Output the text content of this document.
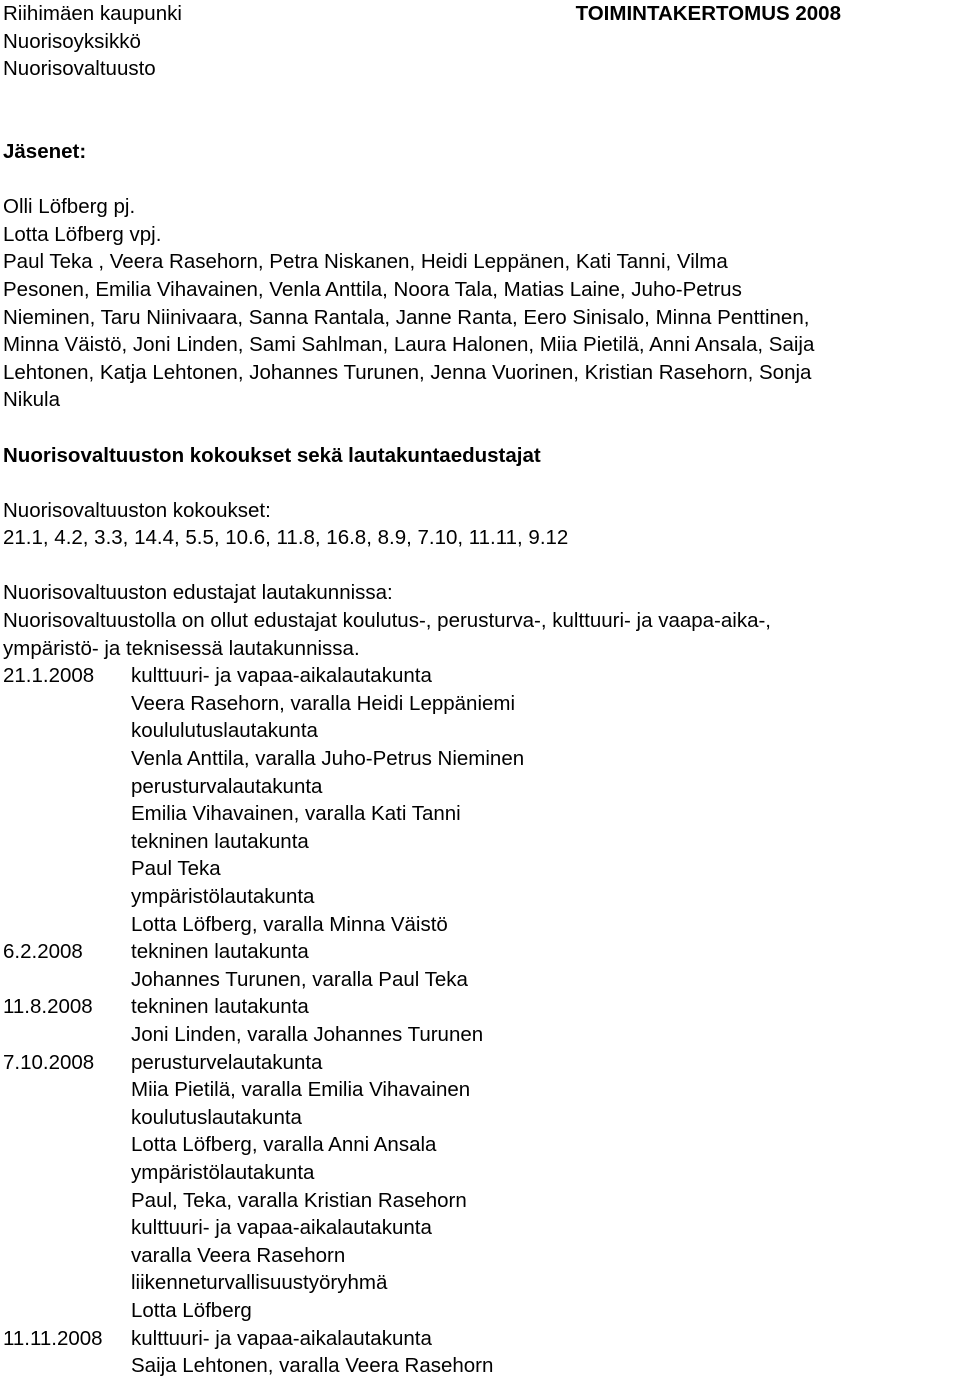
Riihimäen kaupunki	TOIMINTAKERTOMUS 2008
Nuorisoyksikkö
Nuorisovaltuusto
Jäsenet:
Olli Löfberg pj.
Lotta Löfberg vpj.
Paul Teka , Veera Rasehorn, Petra Niskanen, Heidi Leppänen, Kati Tanni, Vilma
Pesonen, Emilia Vihavainen, Venla Anttila, Noora Tala, Matias Laine, Juho-Petrus
Nieminen, Taru Niinivaara, Sanna Rantala, Janne Ranta, Eero Sinisalo, Minna Penttinen,
Minna Väistö, Joni Linden, Sami Sahlman, Laura Halonen, Miia Pietilä, Anni Ansala, Saija
Lehtonen, Katja Lehtonen, Johannes Turunen, Jenna Vuorinen, Kristian Rasehorn, Sonja
Nikula
Nuorisovaltuuston kokoukset sekä lautakuntaedustajat
Nuorisovaltuuston kokoukset:
21.1, 4.2, 3.3, 14.4, 5.5, 10.6, 11.8, 16.8, 8.9, 7.10, 11.11, 9.12
Nuorisovaltuuston edustajat lautakunnissa:
Nuorisovaltuustolla on ollut edustajat koulutus-, perusturva-, kulttuuri- ja vaapa-aika-,
ympäristö- ja teknisessä lautakunnissa.
21.1.2008	kulttuuri- ja vapaa-aikalautakunta
Veera Rasehorn, varalla Heidi Leppäniemi
koululutuslautakunta
Venla Anttila, varalla Juho-Petrus Nieminen
perusturvalautakunta
Emilia Vihavainen, varalla Kati Tanni
tekninen lautakunta
Paul Teka
ympäristölautakunta
Lotta Löfberg, varalla Minna Väistö
6.2.2008	tekninen lautakunta
Johannes Turunen, varalla Paul Teka
11.8.2008	tekninen lautakunta
Joni Linden, varalla Johannes Turunen
7.10.2008	perusturvelautakunta
Miia Pietilä, varalla Emilia Vihavainen
koulutuslautakunta
Lotta Löfberg, varalla Anni Ansala
ympäristölautakunta
Paul, Teka, varalla Kristian Rasehorn
kulttuuri- ja vapaa-aikalautakunta
varalla Veera Rasehorn
liikenneturvallisuustyöryhmä
Lotta Löfberg
11.11.2008	kulttuuri- ja vapaa-aikalautakunta
Saija Lehtonen, varalla Veera Rasehorn
